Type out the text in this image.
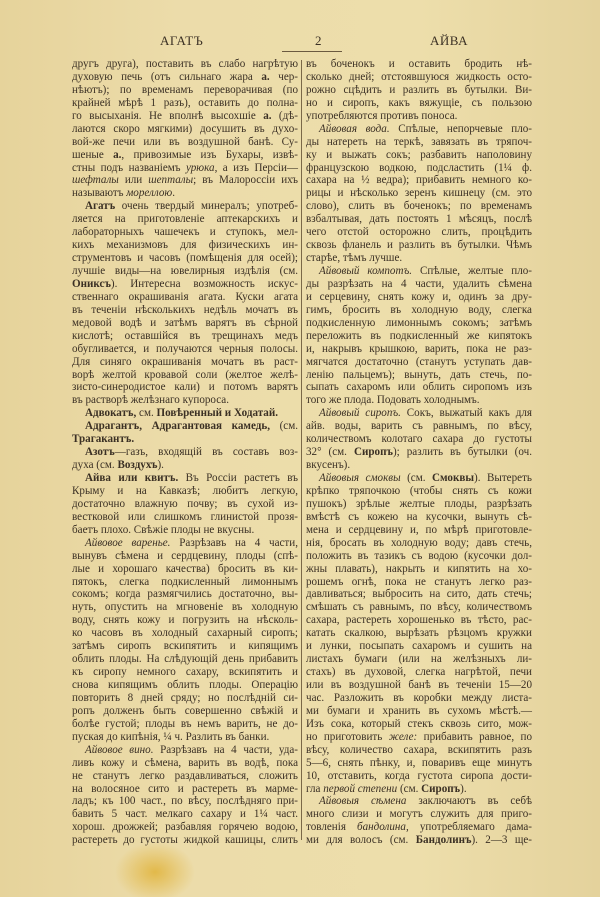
АГАТЪ	2	АЙВА
другъ друга), поставить въ слабо нагрѣтую
духовую печь (отъ сильнаго жара а. чер-
нѣютъ); по временамъ переворачивая (по
крайней мѣрѣ 1 разъ), оставить до полна-
го высыханія. Не вполнѣ высохшіе а. (дѣ-
лаются скоро мягкими) досушить въ духо-
вой-же печи или въ воздушной банѣ. Су-
шеные а., привозимые изъ Бухары, извѣ-
стны подъ названіемъ урюка, а изъ Персіи—
шефталы или шепталы; въ Малороссіи ихъ
называютъ мореллою.
Агатъ очень твердый минералъ; употреб-
ляется на приготовленіе аптекарскихъ и
лабораторныхъ чашечекъ и ступокъ, мел-
кихъ механизмовъ для физическихъ ин-
струментовъ и часовъ (помѣщенія для осей);
лучшіе виды—на ювелирныя издѣлія (см.
Ониксъ). Интересна возможность искус-
ственнаго окрашиванія агата. Куски агата
въ теченіи нѣсколькихъ недѣль мочатъ въ
медовой водѣ и затѣмъ варятъ въ сѣрной
кислотѣ; оставшійся въ трещинахъ медъ
обугливается, и получаются черныя полосы.
Для синяго окрашиванія мочатъ въ раст-
ворѣ желтой кровавой соли (желтое желѣ-
зисто-синеродистое кали) и потомъ варятъ
въ растворѣ желѣзнаго купороса.
Адвокатъ, см. Повѣренный и Ходатай.
Адрагантъ, Адрагантовая камедь, (см.
Трагакантъ.
Азотъ—газъ, входящій въ составъ воз-
духа (см. Воздухъ).
Айва или квитъ. Въ Россіи растетъ въ
Крыму и на Кавказѣ; любитъ легкую,
достаточно влажную почву; въ сухой из-
вестковой или слишкомъ глинистой прозя-
баетъ плохо. Свѣжіе плоды не вкусны.
Айвовое варенье. Разрѣзавъ на 4 части,
вынувъ сѣмена и сердцевину, плоды (спѣ-
лые и хорошаго качества) бросить въ ки-
пятокъ, слегка подкисленный лимоннымъ
сокомъ; когда размягчились достаточно, вы-
нуть, опустить на мгновеніе въ холодную
воду, снять кожу и погрузить на нѣсколь-
ко часовъ въ холодный сахарный сиропъ;
затѣмъ сиропъ вскипятить и кипящимъ
облить плоды. На слѣдующій день прибавить
къ сиропу немного сахару, вскипятить и
снова кипящимъ облить плоды. Операцію
повторить 8 дней сряду; но послѣдній си-
ропъ долженъ быть совершенно свѣжій и
болѣе густой; плоды въ немъ варить, не до-
пуская до кипѣнія, ¼ ч. Разлить въ банки.
Айвовое вино. Разрѣзавъ на 4 части, уда-
ливъ кожу и сѣмена, варить въ водѣ, пока
не станутъ легко раздавливаться, сложить
на волосяное сито и растереть въ марме-
ладъ; къ 100 част., по вѣсу, послѣдняго при-
бавить 5 част. мелкаго сахару и 1¼ част.
хорош. дрожжей; разбавляя горячею водою,
растереть до густоты жидкой кашицы, слить
въ боченокъ и оставить бродить нѣ-
сколько дней; отстоявшуюся жидкость осто-
рожно сцѣдить и разлить въ бутылки. Ви-
но и сиропъ, какъ вяжущіе, съ пользою
употребляются противъ поноса.
Айвовая вода. Спѣлые, непорчевые пло-
ды натереть на теркѣ, завязать въ тряпоч-
ку и выжать сокъ; разбавить наполовину
французскою водкою, подсластить (1¼ ф.
сахара на ½ ведра); прибавить немного ко-
рицы и нѣсколько зеренъ кишнецу (см. это
слово), слить въ боченокъ; по временамъ
взбалтывая, дать постоять 1 мѣсяцъ, послѣ
чего отстой осторожно слить, процѣдить
сквозь фланель и разлить въ бутылки. Чѣмъ
старѣе, тѣмъ лучше.
Айвовый компотъ. Спѣлые, желтые пло-
ды разрѣзать на 4 части, удалить сѣмена
и серцевину, снять кожу и, одинъ за дру-
гимъ, бросить въ холодную воду, слегка
подкисленную лимоннымъ сокомъ; затѣмъ
переложить въ подкисленный же кипятокъ
и, накрывъ крышкою, варить, пока не раз-
мягчатся достаточно (станутъ уступать дав-
ленію пальцемъ); вынуть, дать стечь, по-
сыпать сахаромъ или облить сиропомъ изъ
того же плода. Подовать холоднымъ.
Айвовый сиропъ. Сокъ, выжатый какъ для
айв. воды, варить съ равнымъ, по вѣсу,
количествомъ колотаго сахара до густоты
32° (см. Сиропъ); разлить въ бутылки (оч.
вкусенъ).
Айвовыя смоквы (см. Смоквы). Вытереть
крѣпко тряпочкою (чтобы снять съ кожи
пушокъ) зрѣлые желтые плоды, разрѣзать
вмѣстѣ съ кожею на кусочки, вынуть сѣ-
мена и сердцевину и, по мѣрѣ приготовле-
нія, бросать въ холодную воду; давъ стечь,
положить въ тазикъ съ водою (кусочки дол-
жны плавать), накрыть и кипятить на хо-
рошемъ огнѣ, пока не станутъ легко раз-
давливаться; выбросить на сито, дать стечь;
смѣшать съ равнымъ, по вѣсу, количествомъ
сахара, растереть хорошенько въ тѣсто, рас-
катать скалкою, вырѣзать рѣзцомъ кружки
и лунки, посыпать сахаромъ и сушить на
листахъ бумаги (или на желѣзныхъ ли-
стахъ) въ духовой, слегка нагрѣтой, печи
или въ воздушной банѣ въ теченіи 15—20
час. Разложить въ коробки между листа-
ми бумаги и хранить въ сухомъ мѣстѣ.—
Изъ сока, который стекъ сквозь сито, мож-
но приготовить желе: прибавить равное, по
вѣсу, количество сахара, вскипятить разъ
5—6, снять пѣнку, и, поваривъ еще минутъ
10, отставить, когда густота сиропа дости-
гла первой степени (см. Сиропъ).
Айвовыя сѣмена заключаютъ въ себѣ
много слизи и могутъ служить для приго-
товленія бандолина, употребляемаго дама-
ми для волосъ (см. Бандолинъ). 2—3 ще-
